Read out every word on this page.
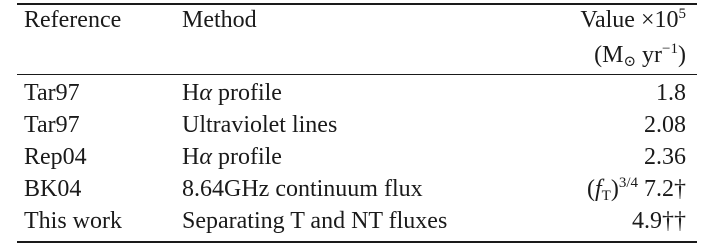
Reference	Method	Value $\times 10^5$
($M_⊙$ $yr^{-1}$)
Tar97	Hα profile	1.8
Tar97	Ultraviolet lines	2.08
Rep04	Hα profile	2.36
BK04	8.64GHz continuum flux	$(f_T)^{3/4}$ 7.2†
This work	Separating T and NT fluxes	4.9††
